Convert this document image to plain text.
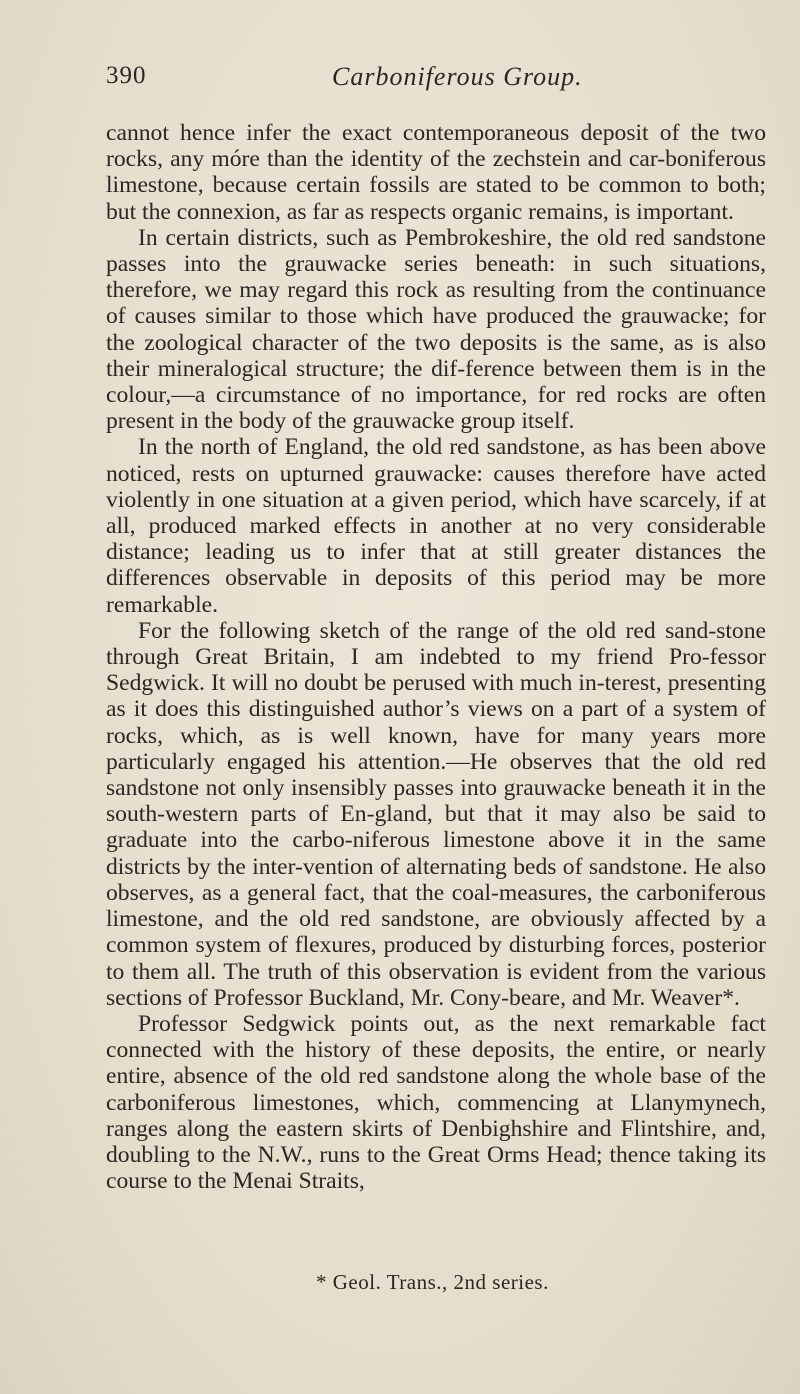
390	Carboniferous Group.

cannot hence infer the exact contemporaneous deposit of the two rocks, any móre than the identity of the zechstein and car-boniferous limestone, because certain fossils are stated to be common to both; but the connexion, as far as respects organic remains, is important.

In certain districts, such as Pembrokeshire, the old red sandstone passes into the grauwacke series beneath: in such situations, therefore, we may regard this rock as resulting from the continuance of causes similar to those which have produced the grauwacke; for the zoological character of the two deposits is the same, as is also their mineralogical structure; the dif-ference between them is in the colour,—a circumstance of no importance, for red rocks are often present in the body of the grauwacke group itself.

In the north of England, the old red sandstone, as has been above noticed, rests on upturned grauwacke: causes therefore have acted violently in one situation at a given period, which have scarcely, if at all, produced marked effects in another at no very considerable distance; leading us to infer that at still greater distances the differences observable in deposits of this period may be more remarkable.

For the following sketch of the range of the old red sand-stone through Great Britain, I am indebted to my friend Pro-fessor Sedgwick. It will no doubt be perused with much in-terest, presenting as it does this distinguished author’s views on a part of a system of rocks, which, as is well known, have for many years more particularly engaged his attention.—He observes that the old red sandstone not only insensibly passes into grauwacke beneath it in the south-western parts of En-gland, but that it may also be said to graduate into the carbo-niferous limestone above it in the same districts by the inter-vention of alternating beds of sandstone. He also observes, as a general fact, that the coal-measures, the carboniferous limestone, and the old red sandstone, are obviously affected by a common system of flexures, produced by disturbing forces, posterior to them all. The truth of this observation is evident from the various sections of Professor Buckland, Mr. Cony-beare, and Mr. Weaver*.

Professor Sedgwick points out, as the next remarkable fact connected with the history of these deposits, the entire, or nearly entire, absence of the old red sandstone along the whole base of the carboniferous limestones, which, commencing at Llanymynech, ranges along the eastern skirts of Denbighshire and Flintshire, and, doubling to the N.W., runs to the Great Orms Head; thence taking its course to the Menai Straits,

* Geol. Trans., 2nd series.
